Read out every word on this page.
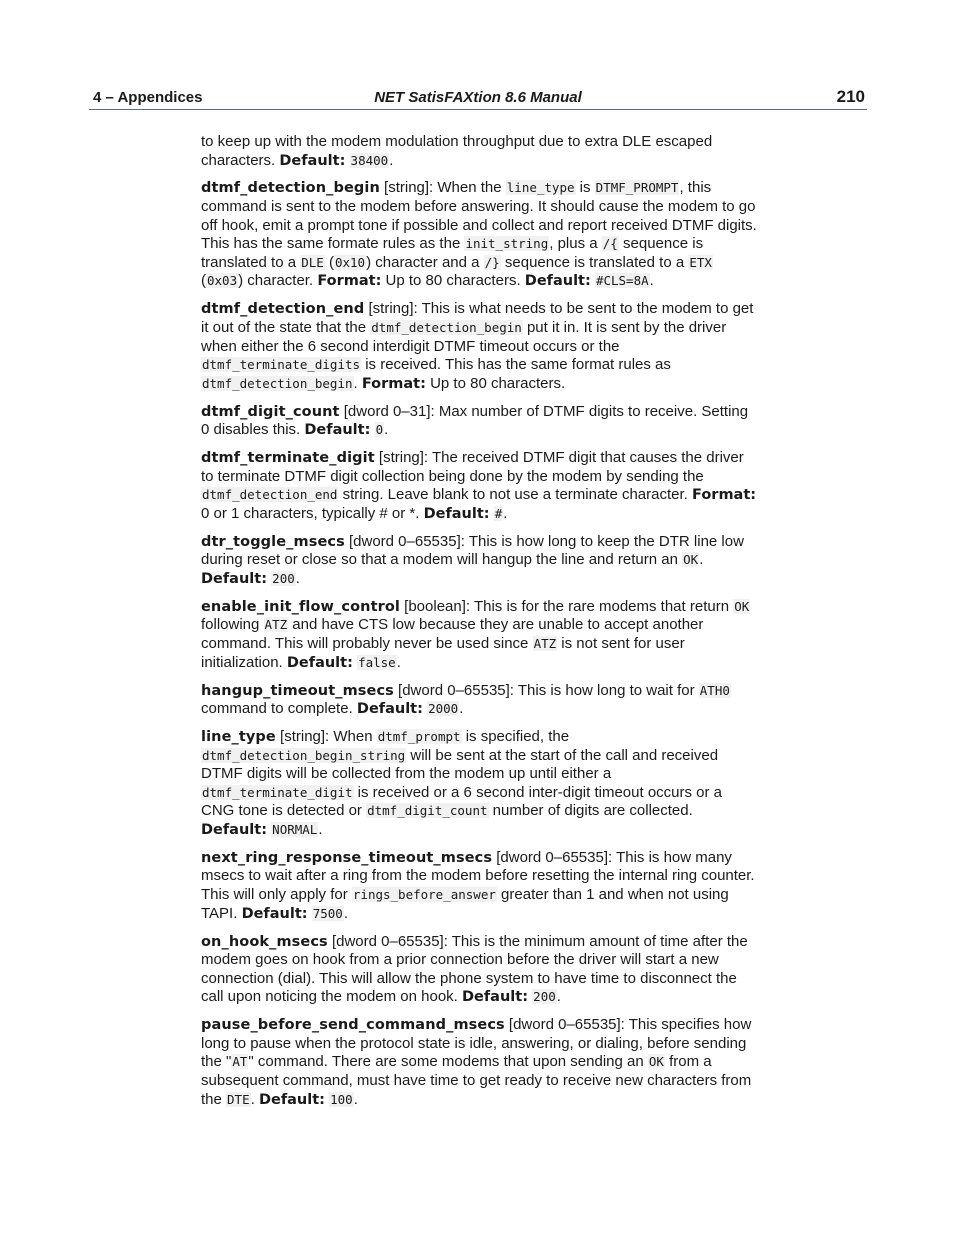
4 – Appendices	NET SatisFAXtion 8.6 Manual	210

to keep up with the modem modulation throughput due to extra DLE escaped characters. Default: 38400.

dtmf_detection_begin [string]: When the line_type is DTMF_PROMPT, this command is sent to the modem before answering. It should cause the modem to go off hook, emit a prompt tone if possible and collect and report received DTMF digits. This has the same formate rules as the init_string, plus a /{ sequence is translated to a DLE (0x10) character and a /} sequence is translated to a ETX (0x03) character. Format: Up to 80 characters. Default: #CLS=8A.

dtmf_detection_end [string]: This is what needs to be sent to the modem to get it out of the state that the dtmf_detection_begin put it in. It is sent by the driver when either the 6 second interdigit DTMF timeout occurs or the dtmf_terminate_digits is received. This has the same format rules as dtmf_detection_begin. Format: Up to 80 characters.

dtmf_digit_count [dword 0–31]: Max number of DTMF digits to receive. Setting 0 disables this. Default: 0.

dtmf_terminate_digit [string]: The received DTMF digit that causes the driver to terminate DTMF digit collection being done by the modem by sending the dtmf_detection_end string. Leave blank to not use a terminate character. Format: 0 or 1 characters, typically # or *. Default: #.

dtr_toggle_msecs [dword 0–65535]: This is how long to keep the DTR line low during reset or close so that a modem will hangup the line and return an OK. Default: 200.

enable_init_flow_control [boolean]: This is for the rare modems that return OK following ATZ and have CTS low because they are unable to accept another command. This will probably never be used since ATZ is not sent for user initialization. Default: false.

hangup_timeout_msecs [dword 0–65535]: This is how long to wait for ATH0 command to complete. Default: 2000.

line_type [string]: When dtmf_prompt is specified, the dtmf_detection_begin_string will be sent at the start of the call and received DTMF digits will be collected from the modem up until either a dtmf_terminate_digit is received or a 6 second inter-digit timeout occurs or a CNG tone is detected or dtmf_digit_count number of digits are collected. Default: NORMAL.

next_ring_response_timeout_msecs [dword 0–65535]: This is how many msecs to wait after a ring from the modem before resetting the internal ring counter. This will only apply for rings_before_answer greater than 1 and when not using TAPI. Default: 7500.

on_hook_msecs [dword 0–65535]: This is the minimum amount of time after the modem goes on hook from a prior connection before the driver will start a new connection (dial). This will allow the phone system to have time to disconnect the call upon noticing the modem on hook. Default: 200.

pause_before_send_command_msecs [dword 0–65535]: This specifies how long to pause when the protocol state is idle, answering, or dialing, before sending the "AT" command. There are some modems that upon sending an OK from a subsequent command, must have time to get ready to receive new characters from the DTE. Default: 100.
